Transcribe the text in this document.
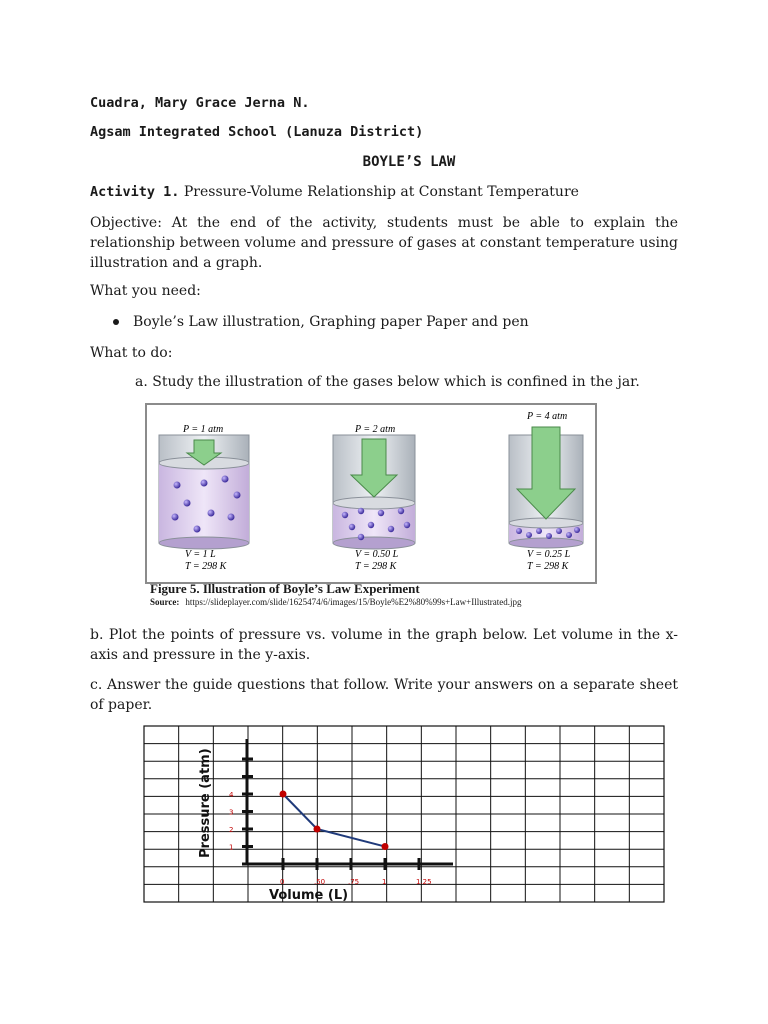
Cuadra, Mary Grace Jerna N.
Agsam Integrated School (Lanuza District)
BOYLE’S LAW
Activity 1. Pressure-Volume Relationship at Constant Temperature
Objective: At the end of the activity, students must be able to explain the relationship between volume and pressure of gases at constant temperature using illustration and a graph.
What you need:
Boyle’s Law illustration, Graphing paper Paper and pen
What to do:
a. Study the illustration of the gases below which is confined in the jar.
P = 1 atm
V = 1 L
T = 298 K
P = 2 atm
V = 0.50 L
T = 298 K
P = 4 atm
V = 0.25 L
T = 298 K
Figure 5. Illustration of Boyle’s Law Experiment
Source: https://slideplayer.com/slide/1625474/6/images/15/Boyle%E2%80%99s+Law+Illustrated.jpg
b. Plot the points of pressure vs. volume in the graph below. Let volume in the x-axis and pressure in the y-axis.
c. Answer the guide questions that follow. Write your answers on a separate sheet of paper.
1
2
3
4
0	.50	.75	1	1.25
Pressure (atm)
Volume (L)
